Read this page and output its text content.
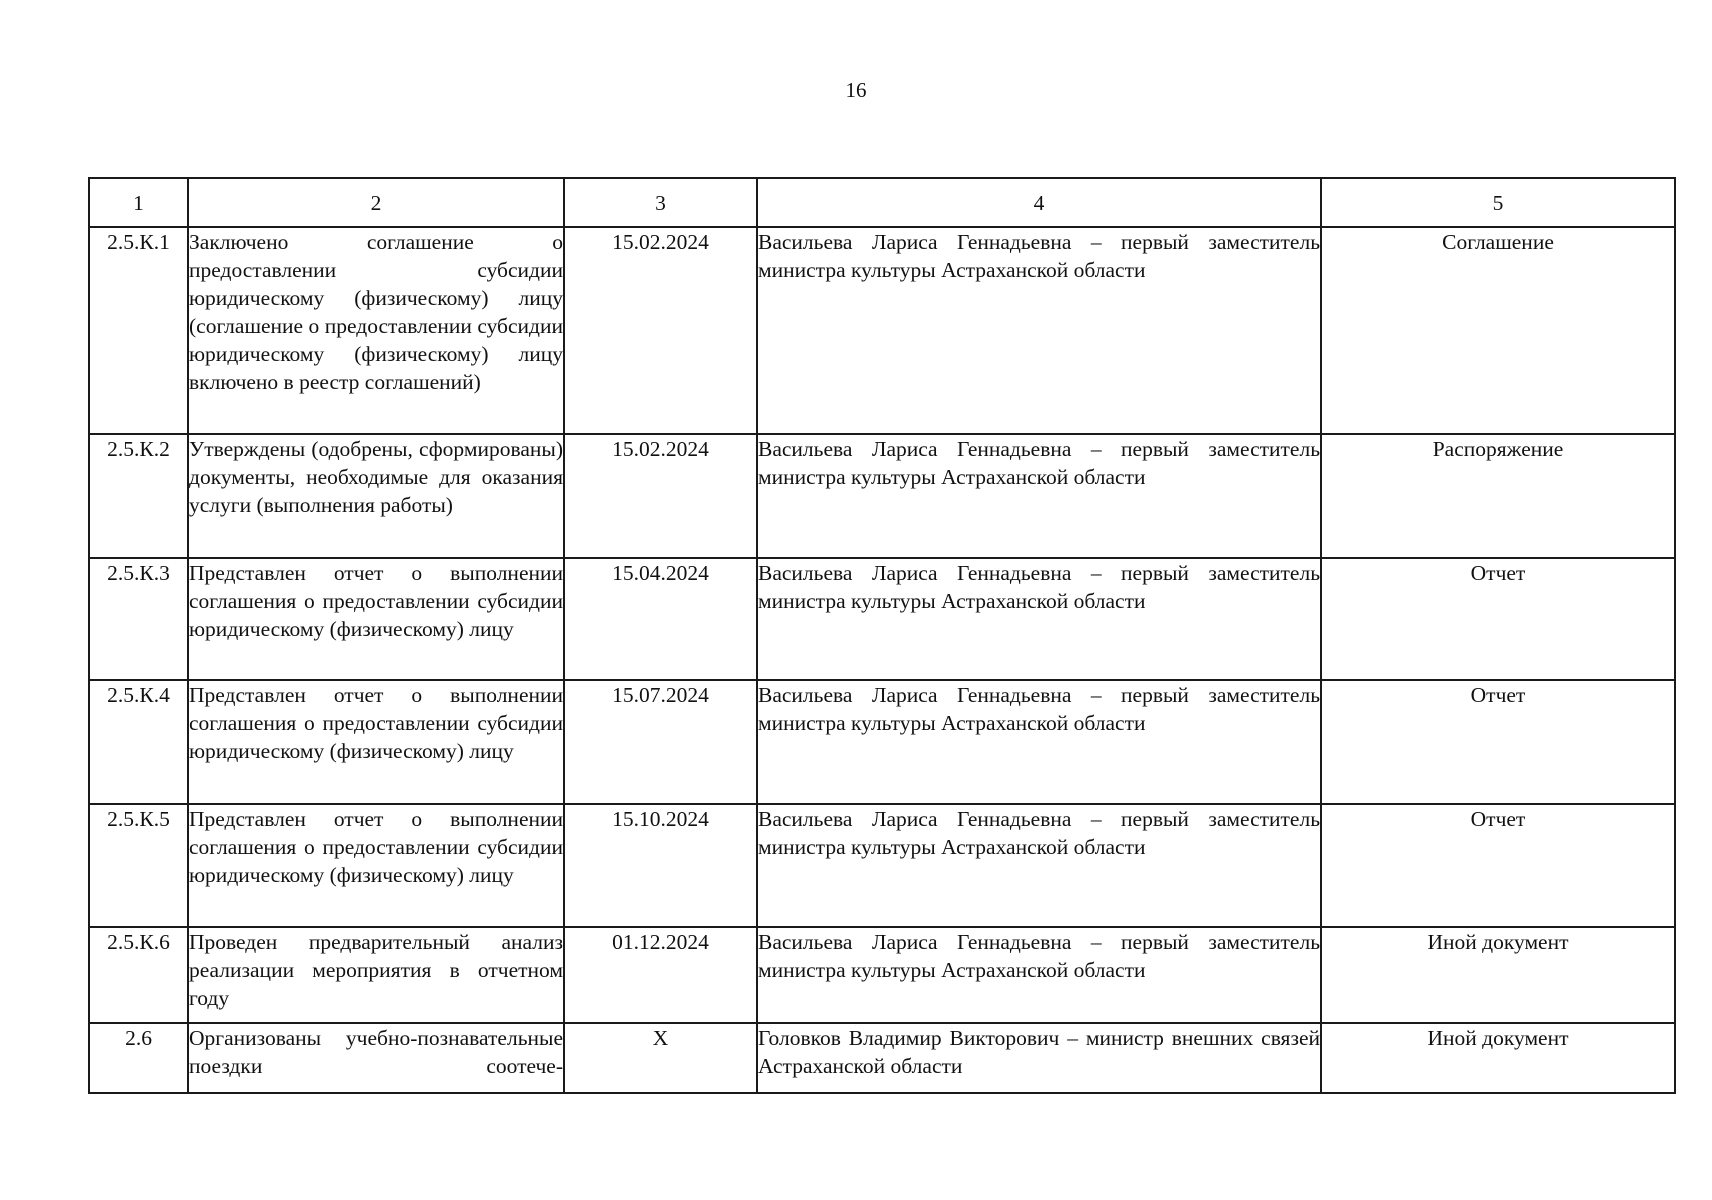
16
1	2	3	4	5
2.5.К.1	Заключено соглашение о предоставлении субсидии юридическому (физическому) лицу (соглашение о предоставлении субсидии юридическому (физическому) лицу включено в реестр соглашений)	15.02.2024	Васильева Лариса Геннадьевна – первый заместитель министра культуры Астраханской области	Соглашение
2.5.К.2	Утверждены (одобрены, сформированы) документы, необходимые для оказания услуги (выполнения работы)	15.02.2024	Васильева Лариса Геннадьевна – первый заместитель министра культуры Астраханской области	Распоряжение
2.5.К.3	Представлен отчет о выполнении соглашения о предоставлении субсидии юридическому (физическому) лицу	15.04.2024	Васильева Лариса Геннадьевна – первый заместитель министра культуры Астраханской области	Отчет
2.5.К.4	Представлен отчет о выполнении соглашения о предоставлении субсидии юридическому (физическому) лицу	15.07.2024	Васильева Лариса Геннадьевна – первый заместитель министра культуры Астраханской области	Отчет
2.5.К.5	Представлен отчет о выполнении соглашения о предоставлении субсидии юридическому (физическому) лицу	15.10.2024	Васильева Лариса Геннадьевна – первый заместитель министра культуры Астраханской области	Отчет
2.5.К.6	Проведен предварительный анализ реализации мероприятия в отчетном году	01.12.2024	Васильева Лариса Геннадьевна – первый заместитель министра культуры Астраханской области	Иной документ
2.6	Организованы учебно-познавательные поездки соотече-	Х	Головков Владимир Викторович – министр внешних связей Астраханской области	Иной документ
